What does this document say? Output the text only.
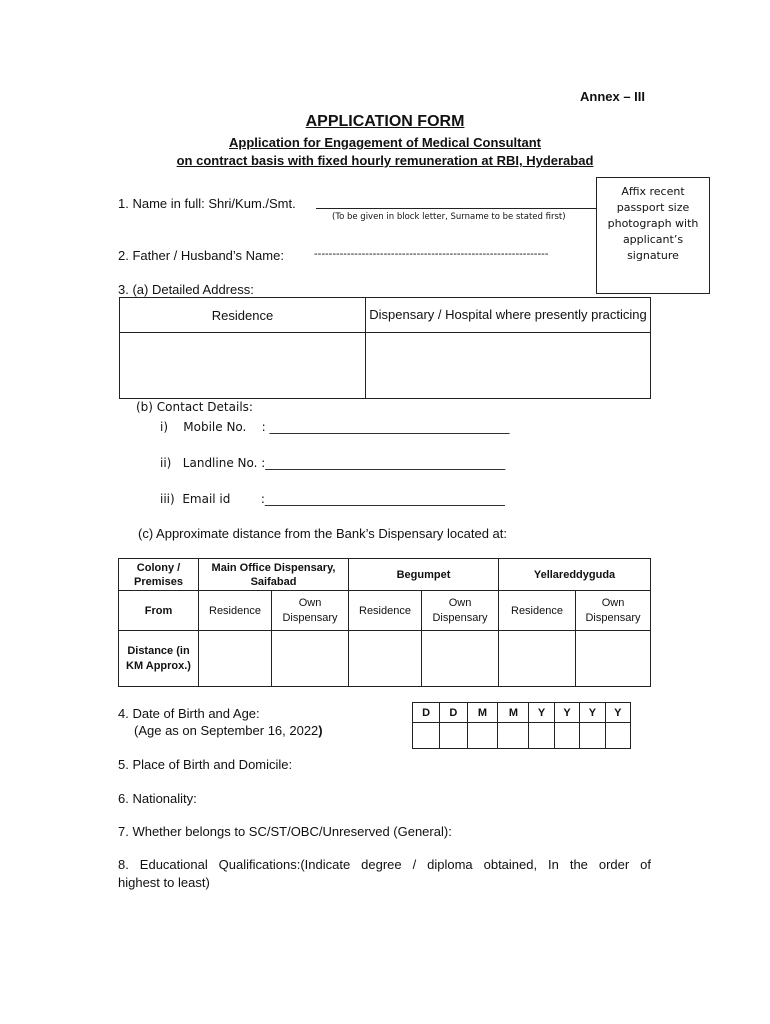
Annex – III
APPLICATION FORM
Application for Engagement of Medical Consultant
on contract basis with fixed hourly remuneration at RBI, Hyderabad
Affix recent
passport size
photograph with
applicant’s
signature
1. Name in full: Shri/Kum./Smt.
(To be given in block letter, Surname to be stated first)
2. Father / Husband’s Name:	----------------------------------------------------------------
3. (a) Detailed Address:
Residence	Dispensary / Hospital where presently practicing

(b) Contact Details:
i)    Mobile No.    : ________________________________________
ii)   Landline No. :________________________________________
iii)  Email id        :________________________________________
(c) Approximate distance from the Bank’s Dispensary located at:
Colony / Premises	Main Office Dispensary, Saifabad		Begumpet		Yellareddyguda	
From	Residence	Own Dispensary	Residence	Own Dispensary	Residence	Own Dispensary
Distance (in KM Approx.)						
4. Date of Birth and Age:
(Age as on September 16, 2022)
D	D	M	M	Y	Y	Y	Y

5. Place of Birth and Domicile:
6. Nationality:
7. Whether belongs to SC/ST/OBC/Unreserved (General):
8. Educational Qualifications:(Indicate degree / diploma obtained, In the order of
highest to least)
